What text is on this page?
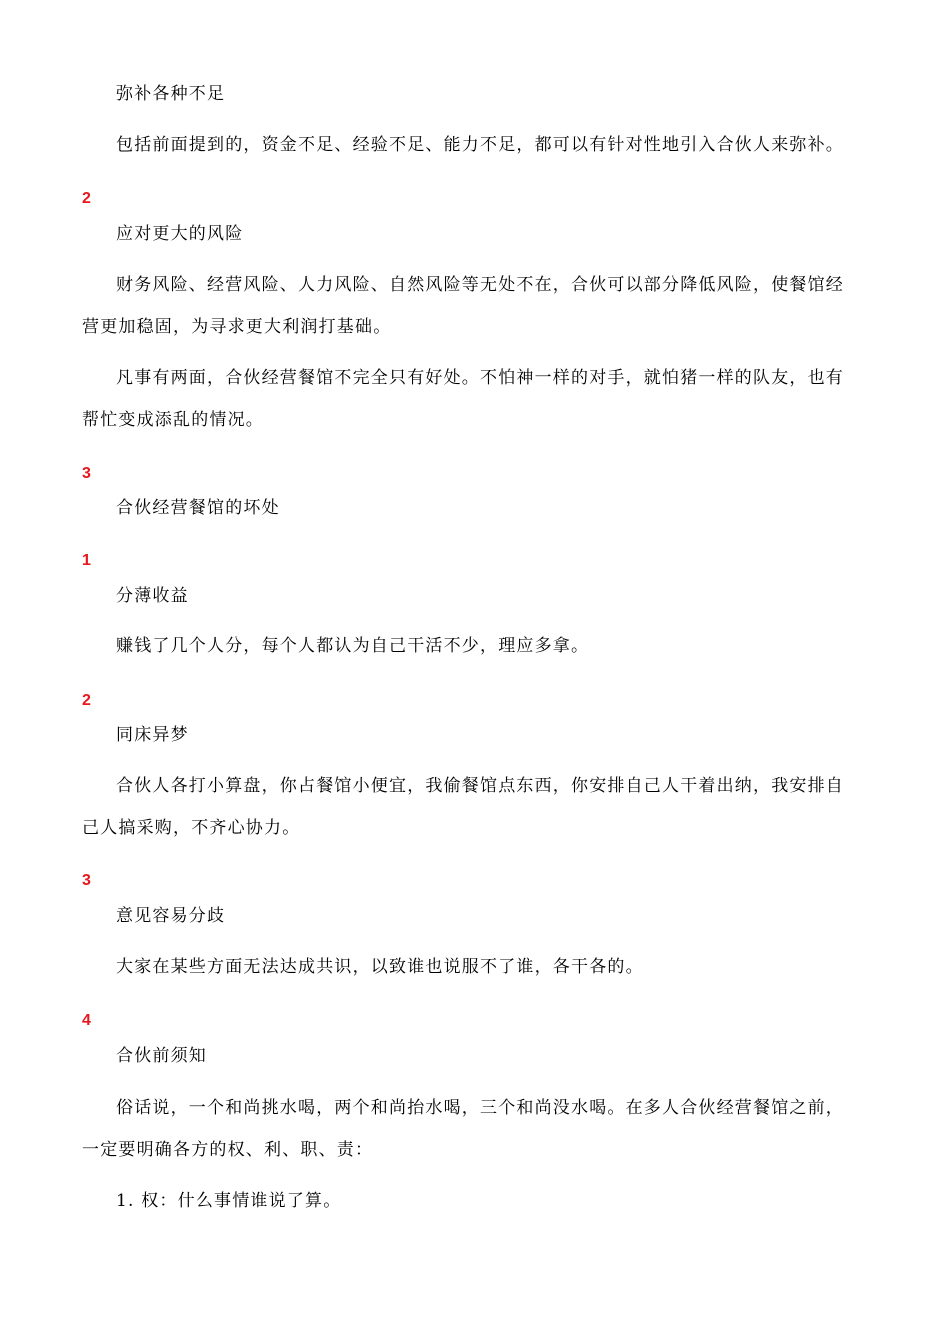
弥补各种不足

包括前面提到的，资金不足、经验不足、能力不足，都可以有针对性地引入合伙人来弥补。

2

应对更大的风险

财务风险、经营风险、人力风险、自然风险等无处不在，合伙可以部分降低风险，使餐馆经营更加稳固，为寻求更大利润打基础。

凡事有两面，合伙经营餐馆不完全只有好处。不怕神一样的对手，就怕猪一样的队友，也有帮忙变成添乱的情况。

3

合伙经营餐馆的坏处

1

分薄收益

赚钱了几个人分，每个人都认为自己干活不少，理应多拿。

2

同床异梦

合伙人各打小算盘，你占餐馆小便宜，我偷餐馆点东西，你安排自己人干着出纳，我安排自己人搞采购，不齐心协力。

3

意见容易分歧

大家在某些方面无法达成共识，以致谁也说服不了谁，各干各的。

4

合伙前须知

俗话说，一个和尚挑水喝，两个和尚抬水喝，三个和尚没水喝。在多人合伙经营餐馆之前，一定要明确各方的权、利、职、责：

1. 权：什么事情谁说了算。
